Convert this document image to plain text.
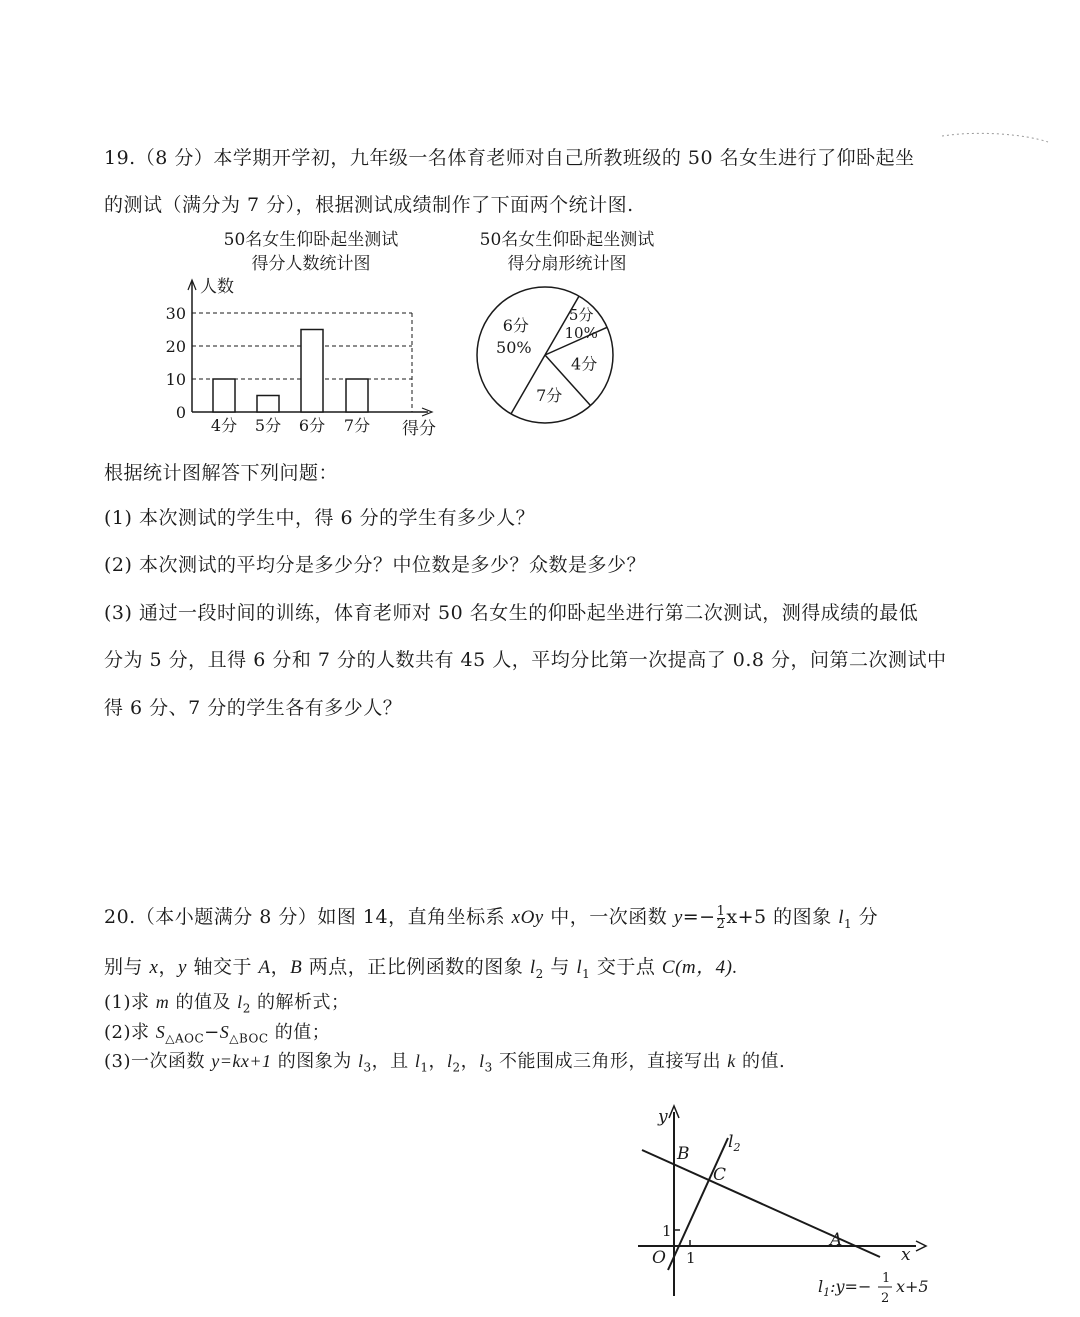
19.（8 分）本学期开学初，九年级一名体育老师对自己所教班级的 50 名女生进行了仰卧起坐
的测试（满分为 7 分），根据测试成绩制作了下面两个统计图.
50名女生仰卧起坐测试
得分人数统计图
50名女生仰卧起坐测试
得分扇形统计图
人数
得分
0
10
20
30
4分 5分 6分 7分
6分
50%
5分
10%
4分
7分
根据统计图解答下列问题：
(1) 本次测试的学生中，得 6 分的学生有多少人？
(2) 本次测试的平均分是多少分？中位数是多少？众数是多少？
(3) 通过一段时间的训练，体育老师对 50 名女生的仰卧起坐进行第二次测试，测得成绩的最低
分为 5 分，且得 6 分和 7 分的人数共有 45 人，平均分比第一次提高了 0.8 分，问第二次测试中
得 6 分、7 分的学生各有多少人？
20.（本小题满分 8 分）如图 14，直角坐标系 xOy 中，一次函数 $y=- \frac{1}{2} x+5$ 的图象 $l_1$ 分
别与 x，y 轴交于 A，B 两点，正比例函数的图象 $l_2$ 与 $l_1$ 交于点 C(m，4).
(1)求 m 的值及 $l_2$ 的解析式；
(2)求 $S_{\triangle AOC}-S_{\triangle BOC}$ 的值；
(3)一次函数 y=kx+1 的图象为 $l_3$，且 $l_1$，$l_2$，$l_3$ 不能围成三角形，直接写出 k 的值.
y
x
O 1
1
B
C
A
$l_2$
$l_1:y=- 1$
2
x+5
